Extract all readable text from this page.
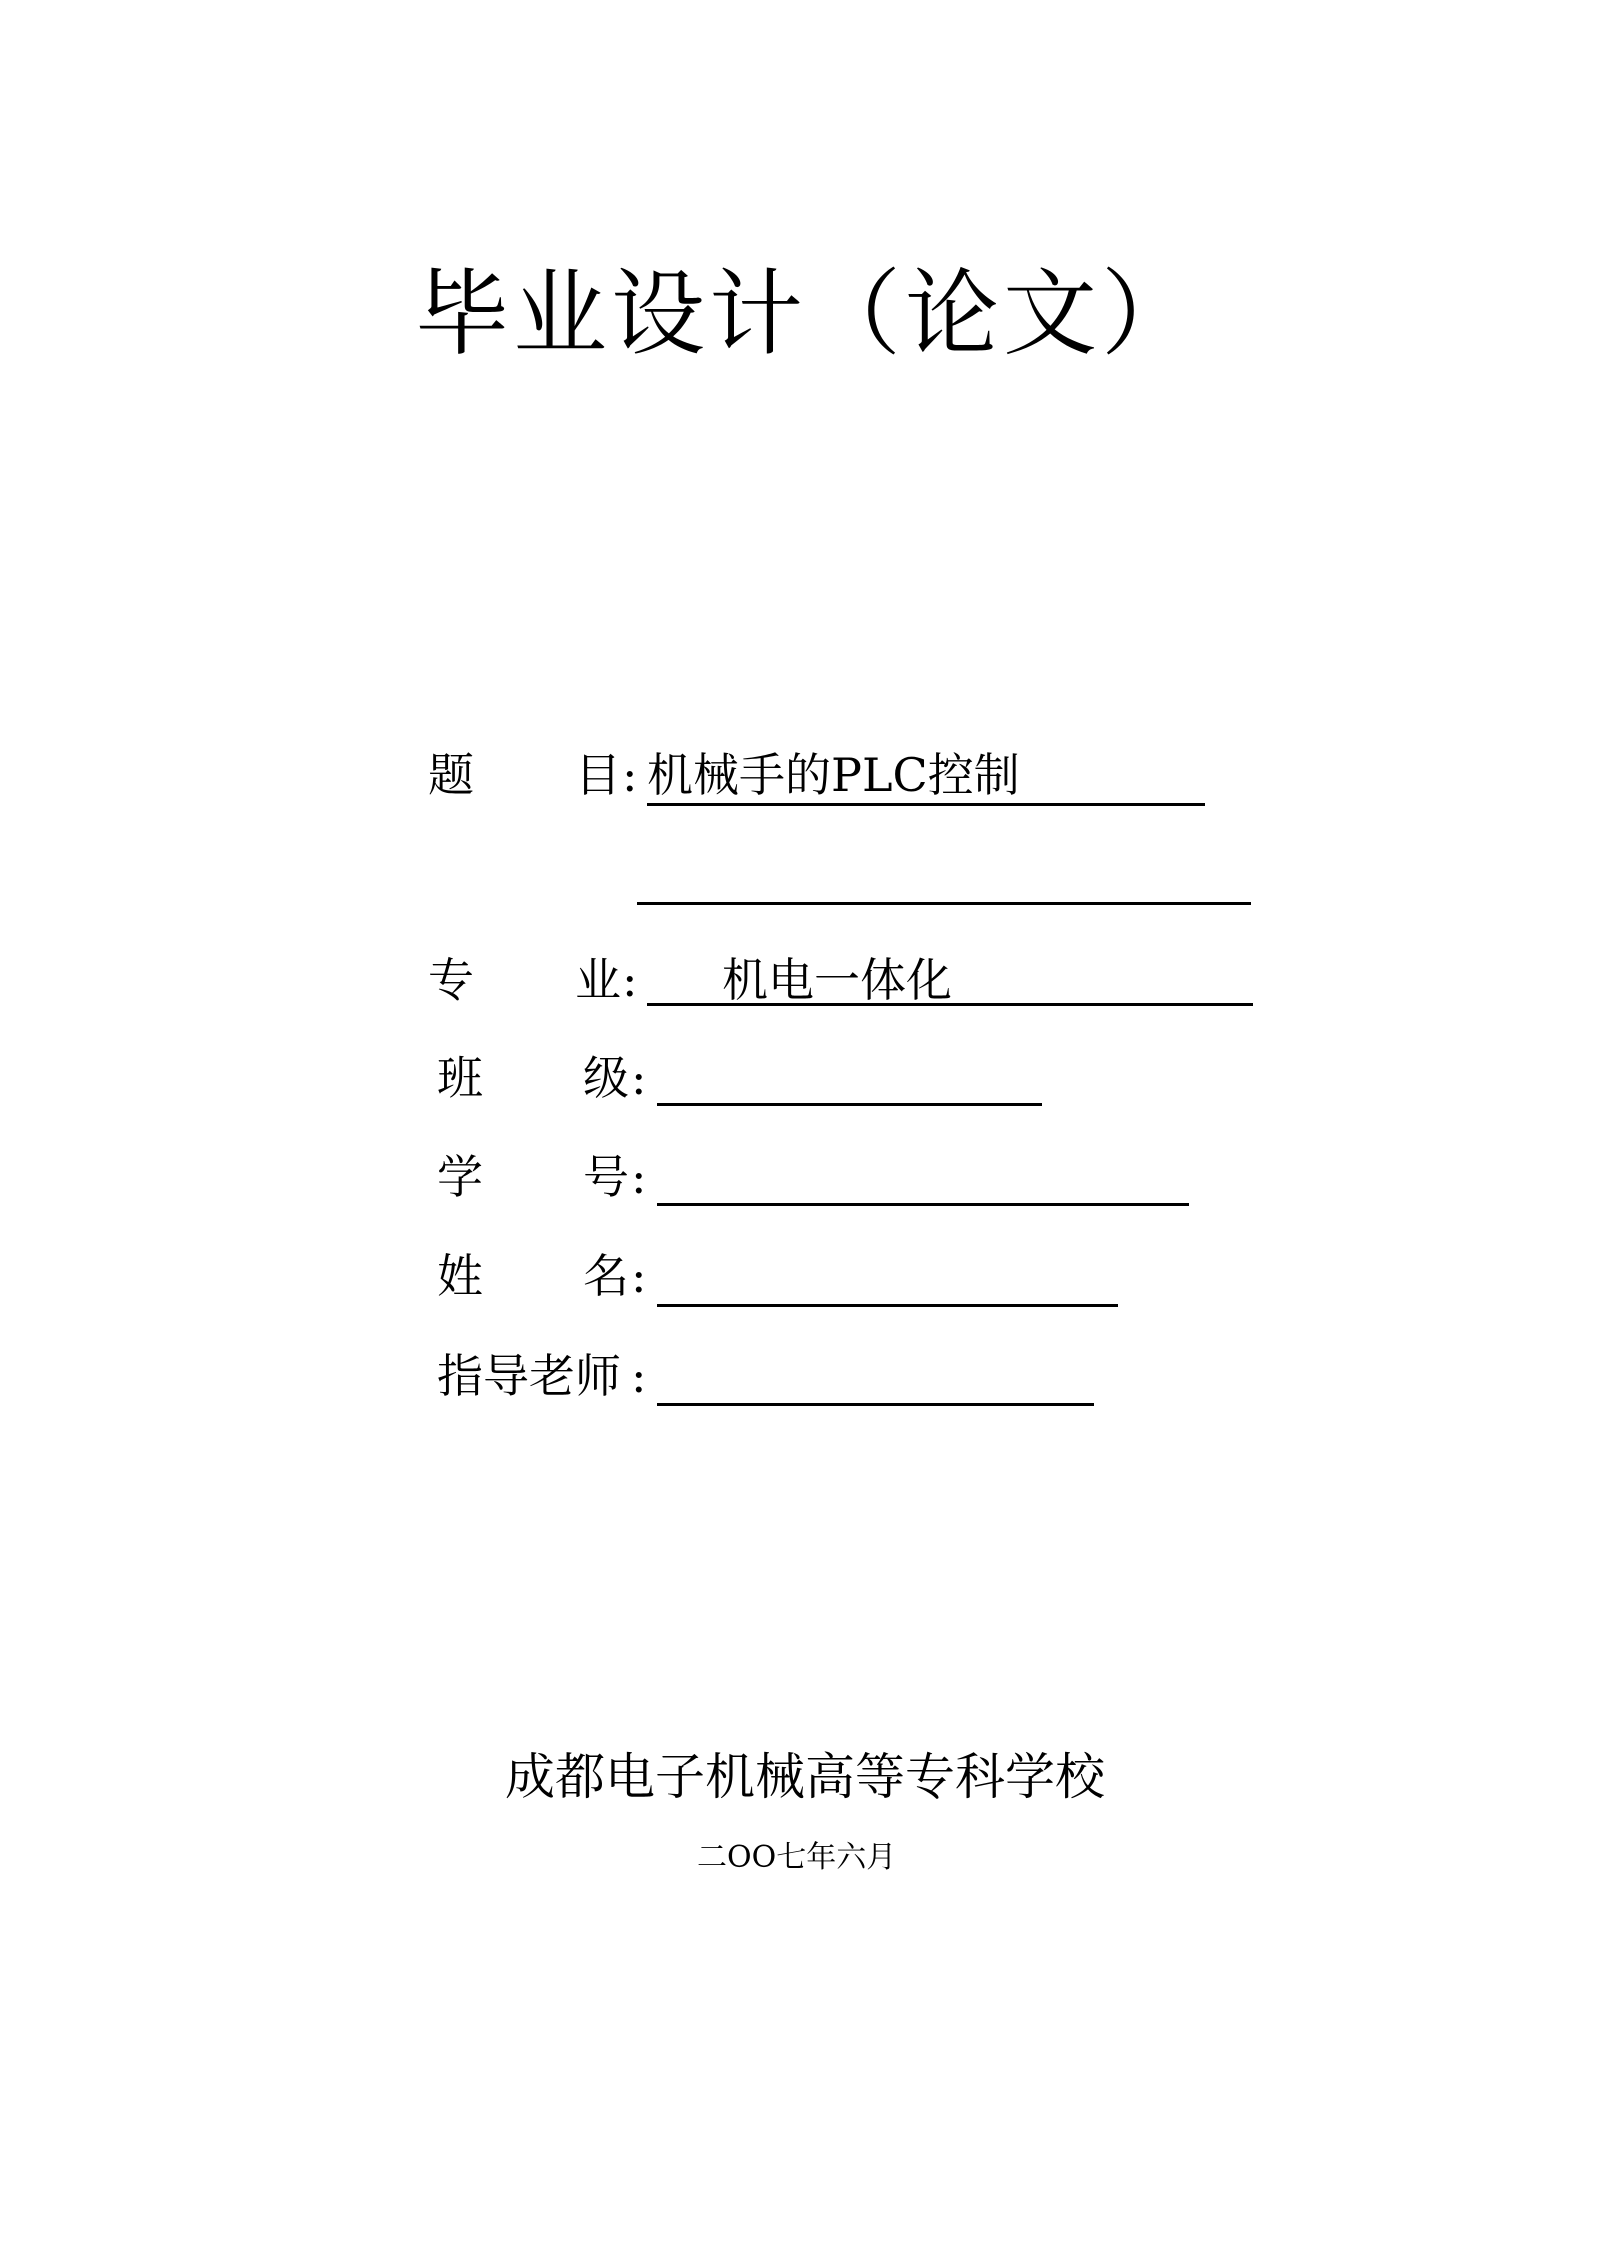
毕业设计（论文）
题 目 : 机械手的PLC控制
专 业 : 机电一体化
班 级 :
学 号 :
姓 名 :
指导老师 :
成都电子机械高等专科学校
二OO七年六月
